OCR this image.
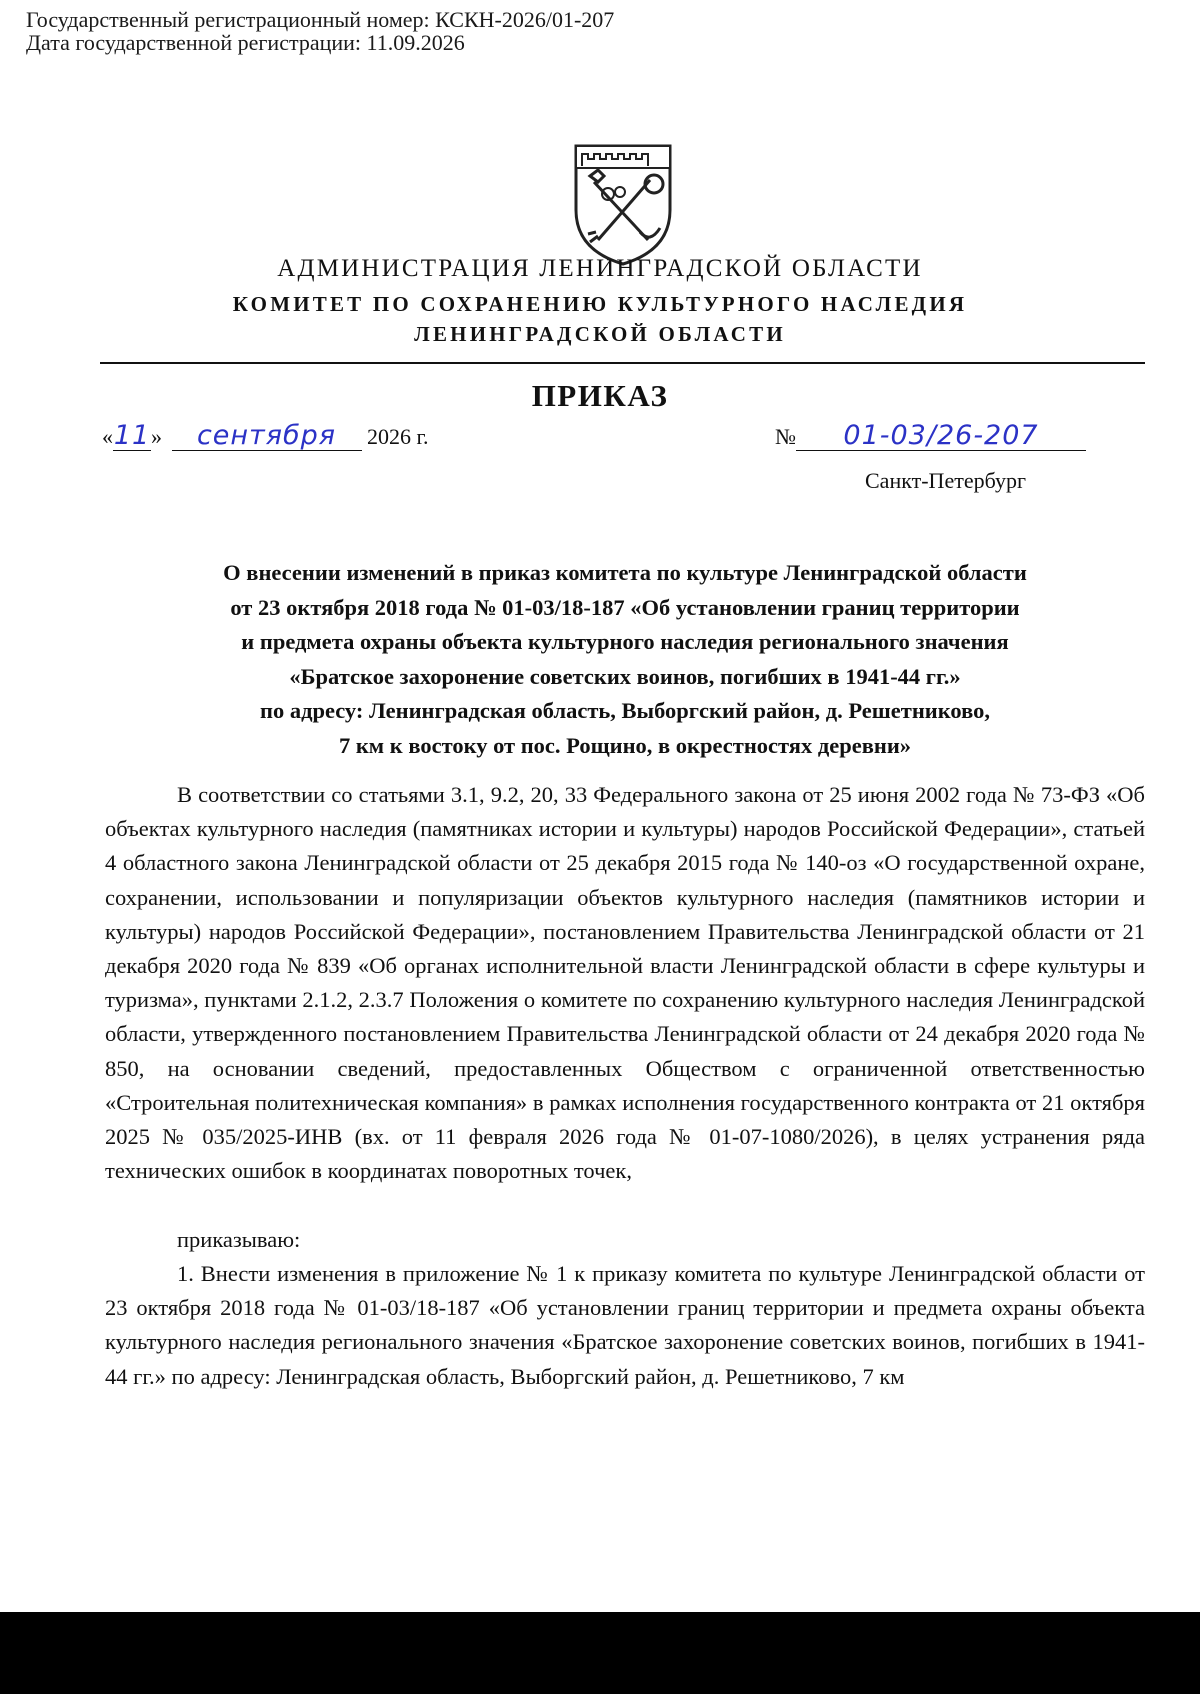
Государственный регистрационный номер: КСКН-2026/01-207
Дата государственной регистрации: 11.09.2026
АДМИНИСТРАЦИЯ ЛЕНИНГРАДСКОЙ ОБЛАСТИ
КОМИТЕТ ПО СОХРАНЕНИЮ КУЛЬТУРНОГО НАСЛЕДИЯ
ЛЕНИНГРАДСКОЙ ОБЛАСТИ
ПРИКАЗ
«11» сентября 2026 г.	№ 01-03/26-207
Санкт-Петербург
О внесении изменений в приказ комитета по культуре Ленинградской области
от 23 октября 2018 года № 01-03/18-187 «Об установлении границ территории
и предмета охраны объекта культурного наследия регионального значения
«Братское захоронение советских воинов, погибших в 1941-44 гг.»
по адресу: Ленинградская область, Выборгский район, д. Решетниково,
7 км к востоку от пос. Рощино, в окрестностях деревни»
В соответствии со статьями 3.1, 9.2, 20, 33 Федерального закона от 25 июня 2002 года № 73-ФЗ «Об объектах культурного наследия (памятниках истории и культуры) народов Российской Федерации», статьей 4 областного закона Ленинградской области от 25 декабря 2015 года № 140-оз «О государственной охране, сохранении, использовании и популяризации объектов культурного наследия (памятников истории и культуры) народов Российской Федерации», постановлением Правительства Ленинградской области от 21 декабря 2020 года № 839 «Об органах исполнительной власти Ленинградской области в сфере культуры и туризма», пунктами 2.1.2, 2.3.7 Положения о комитете по сохранению культурного наследия Ленинградской области, утвержденного постановлением Правительства Ленинградской области от 24 декабря 2020 года № 850, на основании сведений, предоставленных Обществом с ограниченной ответственностью «Строительная политехническая компания» в рамках исполнения государственного контракта от 21 октября 2025 № 035/2025-ИНВ (вх. от 11 февраля 2026 года № 01-07-1080/2026), в целях устранения ряда технических ошибок в координатах поворотных точек,
приказываю:
1. Внести изменения в приложение № 1 к приказу комитета по культуре Ленинградской области от 23 октября 2018 года № 01-03/18-187 «Об установлении границ территории и предмета охраны объекта культурного наследия регионального значения «Братское захоронение советских воинов, погибших в 1941-44 гг.» по адресу: Ленинградская область, Выборгский район, д. Решетниково, 7 км
